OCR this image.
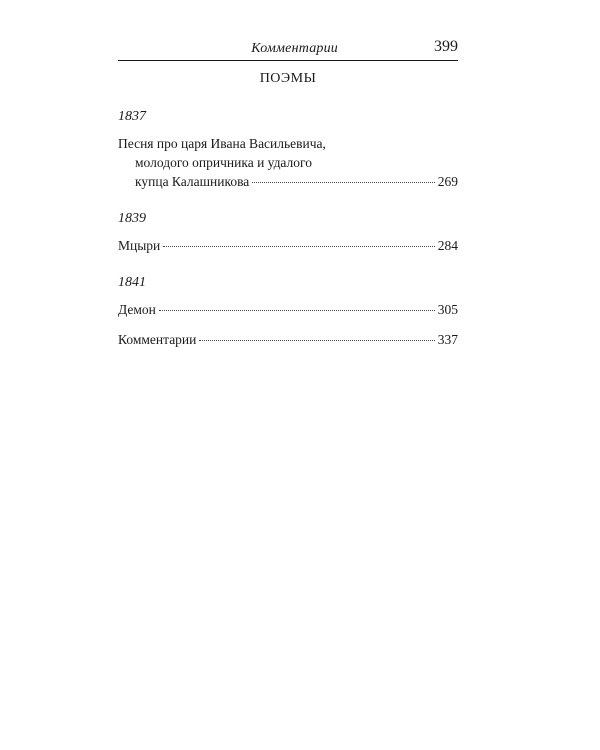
Комментарии	399
ПОЭМЫ
1837
Песня про царя Ивана Васильевича,
молодого опричника и удалого
купца Калашникова	269
1839
Мцыри	284
1841
Демон	305
Комментарии	337
